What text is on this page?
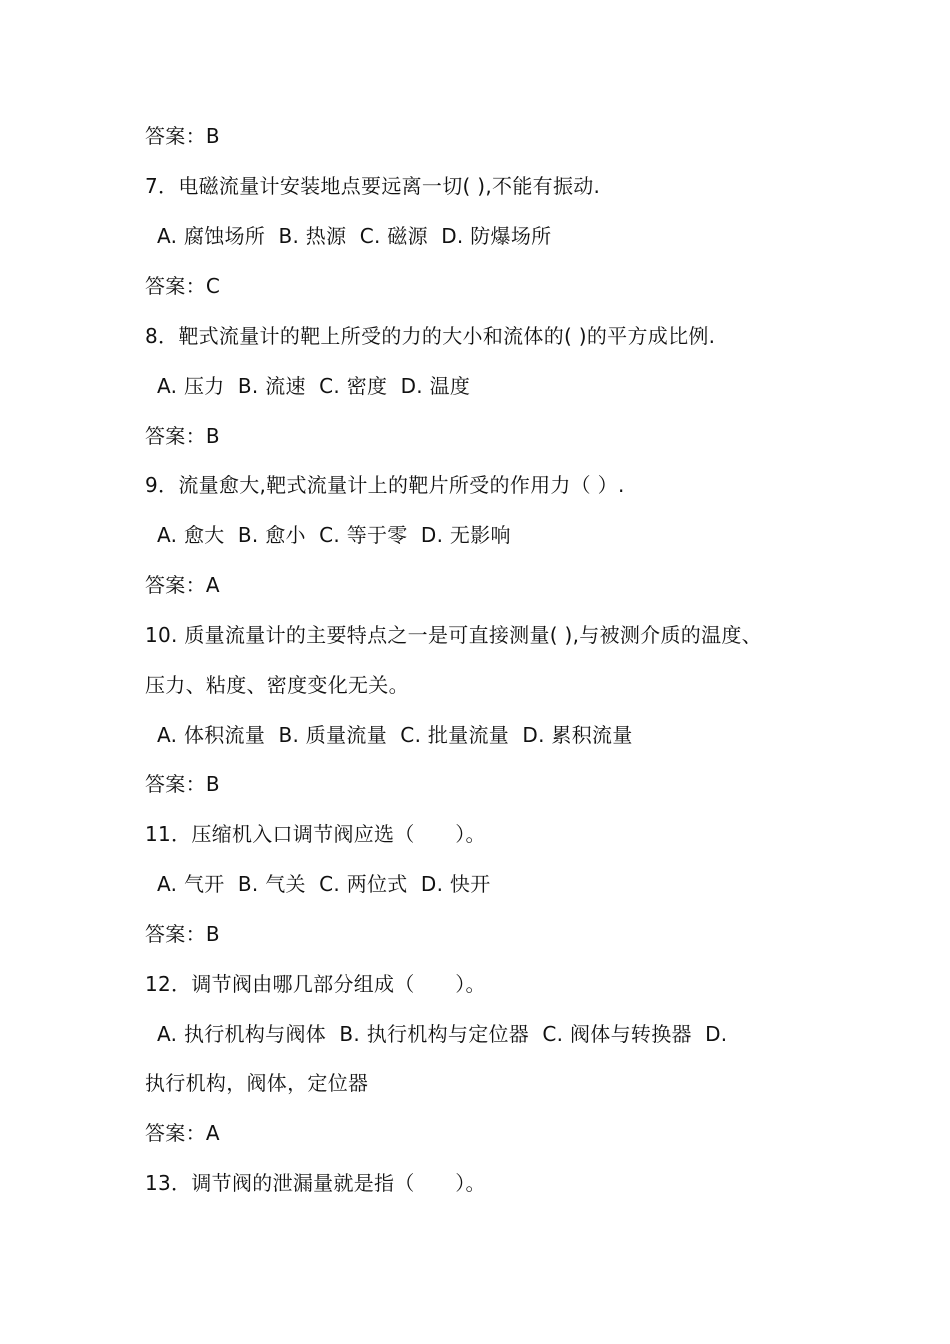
答案：B
7．电磁流量计安装地点要远离一切( ),不能有振动.
A. 腐蚀场所  B. 热源  C. 磁源  D. 防爆场所
答案：C
8．靶式流量计的靶上所受的力的大小和流体的( )的平方成比例.
A. 压力  B. 流速  C. 密度  D. 温度
答案：B
9．流量愈大,靶式流量计上的靶片所受的作用力（ ）.
A. 愈大  B. 愈小  C. 等于零  D. 无影响
答案：A
10. 质量流量计的主要特点之一是可直接测量( ),与被测介质的温度、
压力、粘度、密度变化无关。
A. 体积流量  B. 质量流量  C. 批量流量  D. 累积流量
答案：B
11．压缩机入口调节阀应选（　　）。
A. 气开  B. 气关  C. 两位式  D. 快开
答案：B
12．调节阀由哪几部分组成（　　）。
A. 执行机构与阀体  B. 执行机构与定位器  C. 阀体与转换器  D.
执行机构，阀体，定位器
答案：A
13．调节阀的泄漏量就是指（　　）。
